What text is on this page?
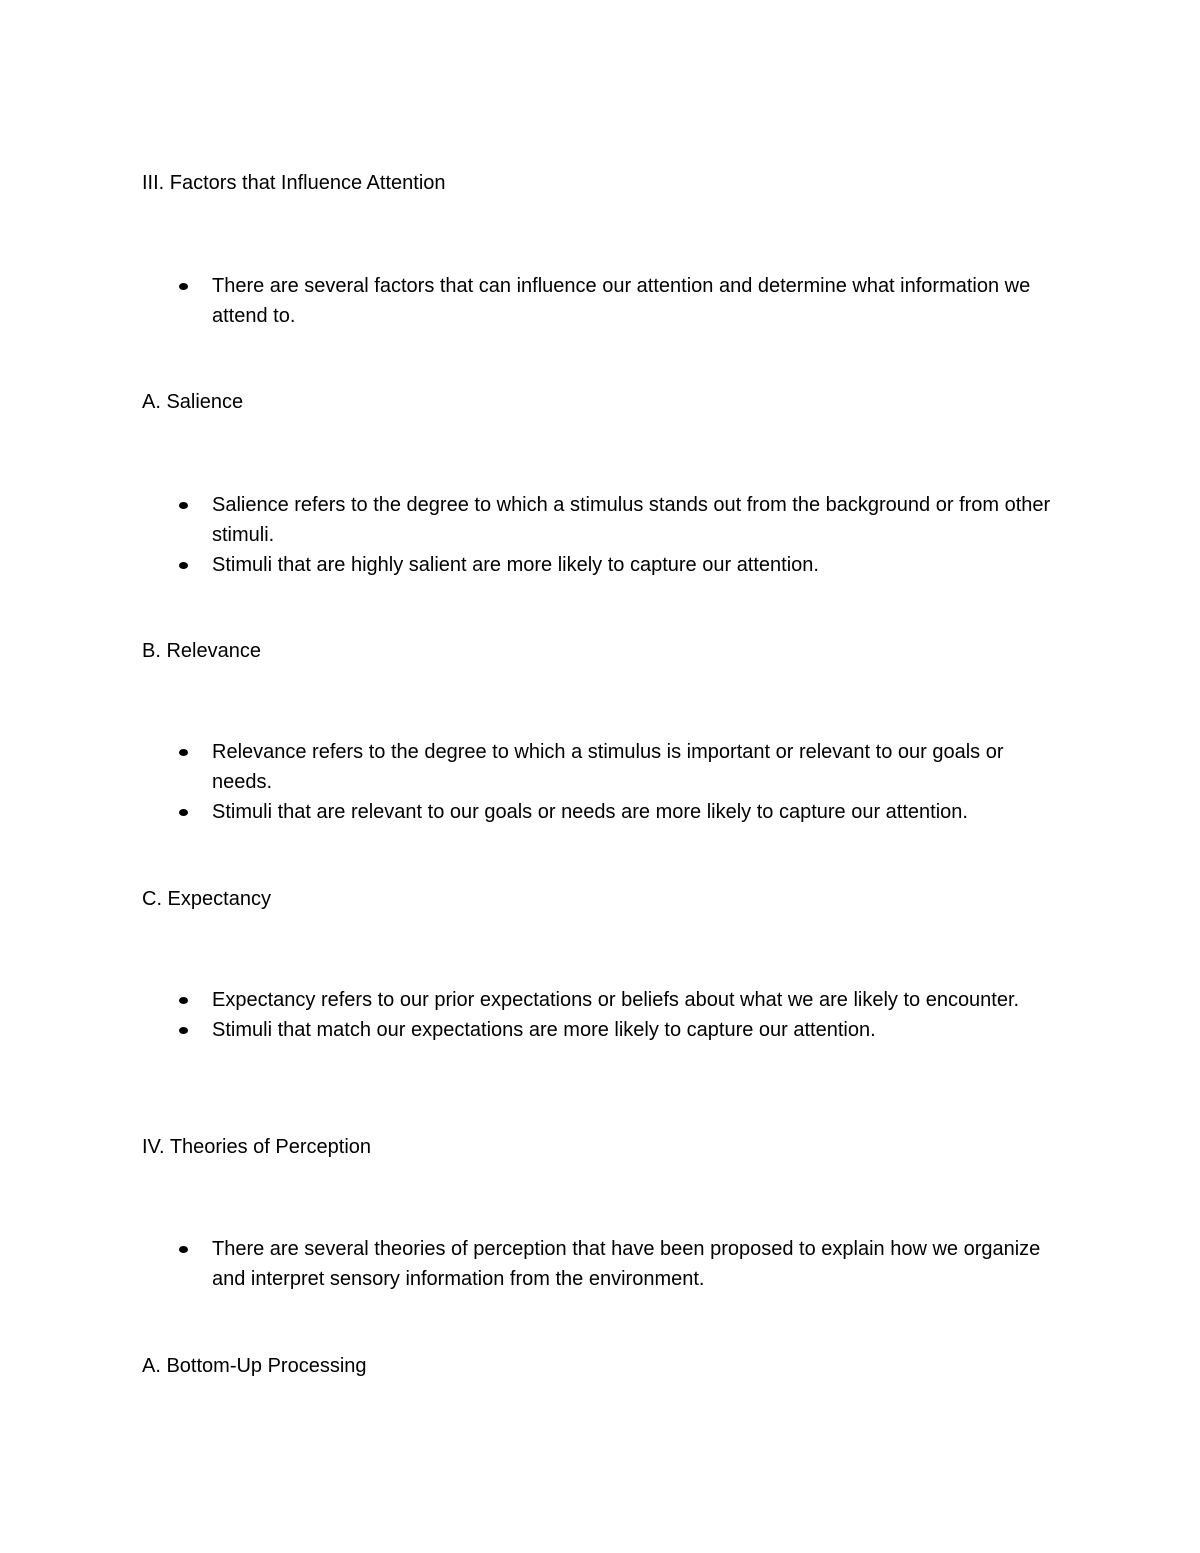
III. Factors that Influence Attention
There are several factors that can influence our attention and determine what information we attend to.
A. Salience
Salience refers to the degree to which a stimulus stands out from the background or from other stimuli.
Stimuli that are highly salient are more likely to capture our attention.
B. Relevance
Relevance refers to the degree to which a stimulus is important or relevant to our goals or needs.
Stimuli that are relevant to our goals or needs are more likely to capture our attention.
C. Expectancy
Expectancy refers to our prior expectations or beliefs about what we are likely to encounter.
Stimuli that match our expectations are more likely to capture our attention.
IV. Theories of Perception
There are several theories of perception that have been proposed to explain how we organize and interpret sensory information from the environment.
A. Bottom-Up Processing
